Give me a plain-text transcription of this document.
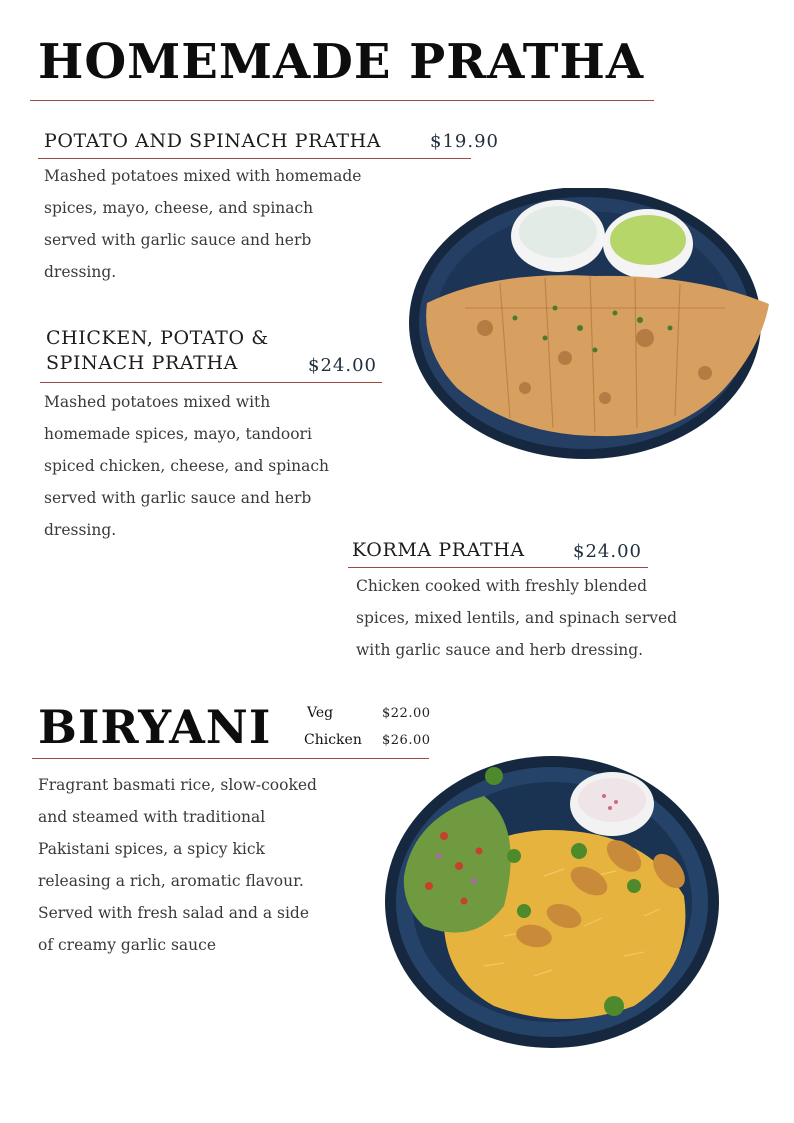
HOMEMADE PRATHA
POTATO AND SPINACH PRATHA	$19.90

Mashed potatoes mixed with homemade spices, mayo, cheese, and spinach served with garlic sauce and herb dressing.

CHICKEN, POTATO &
SPINACH PRATHA	$24.00

Mashed potatoes mixed with homemade spices, mayo, tandoori spiced chicken, cheese, and spinach served with garlic sauce and herb dressing.

KORMA PRATHA	$24.00

Chicken cooked with freshly blended spices, mixed lentils, and spinach served with garlic sauce and herb dressing.

BIRYANI	Veg	$22.00
Chicken $26.00

Fragrant basmati rice, slow-cooked and steamed with traditional Pakistani spices, a spicy kick releasing a rich, aromatic flavour. Served with fresh salad and a side of creamy garlic sauce
